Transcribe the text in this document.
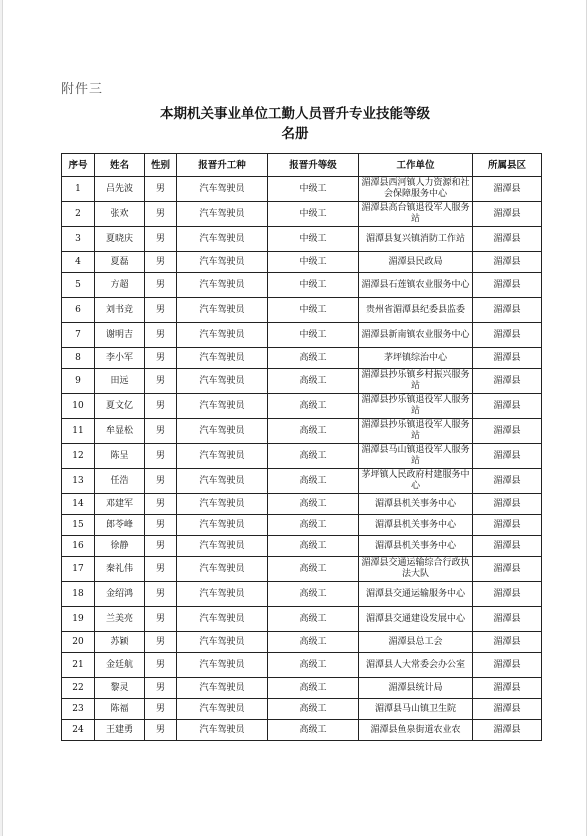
附件三
本期机关事业单位工勤人员晋升专业技能等级
名册
序号	姓名	性别	报晋升工种	报晋升等级	工作单位	所属县区
1	吕先波	男	汽车驾驶员	中级工	湄潭县西河镇人力资源和社会保障服务中心	湄潭县
2	张欢	男	汽车驾驶员	中级工	湄潭县高台镇退役军人服务站	湄潭县
3	夏晓庆	男	汽车驾驶员	中级工	湄潭县复兴镇消防工作站	湄潭县
4	夏磊	男	汽车驾驶员	中级工	湄潭县民政局	湄潭县
5	方超	男	汽车驾驶员	中级工	湄潭县石莲镇农业服务中心	湄潭县
6	刘书竞	男	汽车驾驶员	中级工	贵州省湄潭县纪委县监委	湄潭县
7	谢明吉	男	汽车驾驶员	中级工	湄潭县新南镇农业服务中心	湄潭县
8	李小军	男	汽车驾驶员	高级工	茅坪镇综治中心	湄潭县
9	田远	男	汽车驾驶员	高级工	湄潭县抄乐镇乡村振兴服务站	湄潭县
10	夏文亿	男	汽车驾驶员	高级工	湄潭县抄乐镇退役军人服务站	湄潭县
11	牟显松	男	汽车驾驶员	高级工	湄潭县抄乐镇退役军人服务站	湄潭县
12	陈呈	男	汽车驾驶员	高级工	湄潭县马山镇退役军人服务站	湄潭县
13	任浩	男	汽车驾驶员	高级工	茅坪镇人民政府村建服务中心	湄潭县
14	邓建军	男	汽车驾驶员	高级工	湄潭县机关事务中心	湄潭县
15	郎苓峰	男	汽车驾驶员	高级工	湄潭县机关事务中心	湄潭县
16	徐静	男	汽车驾驶员	高级工	湄潭县机关事务中心	湄潭县
17	秦礼伟	男	汽车驾驶员	高级工	湄潭县交通运输综合行政执法大队	湄潭县
18	金绍鸿	男	汽车驾驶员	高级工	湄潭县交通运输服务中心	湄潭县
19	兰美亮	男	汽车驾驶员	高级工	湄潭县交通建设发展中心	湄潭县
20	苏颖	男	汽车驾驶员	高级工	湄潭县总工会	湄潭县
21	金廷航	男	汽车驾驶员	高级工	湄潭县人大常委会办公室	湄潭县
22	黎灵	男	汽车驾驶员	高级工	湄潭县统计局	湄潭县
23	陈福	男	汽车驾驶员	高级工	湄潭县马山镇卫生院	湄潭县
24	王建勇	男	汽车驾驶员	高级工	湄潭县鱼泉街道农业农	湄潭县
